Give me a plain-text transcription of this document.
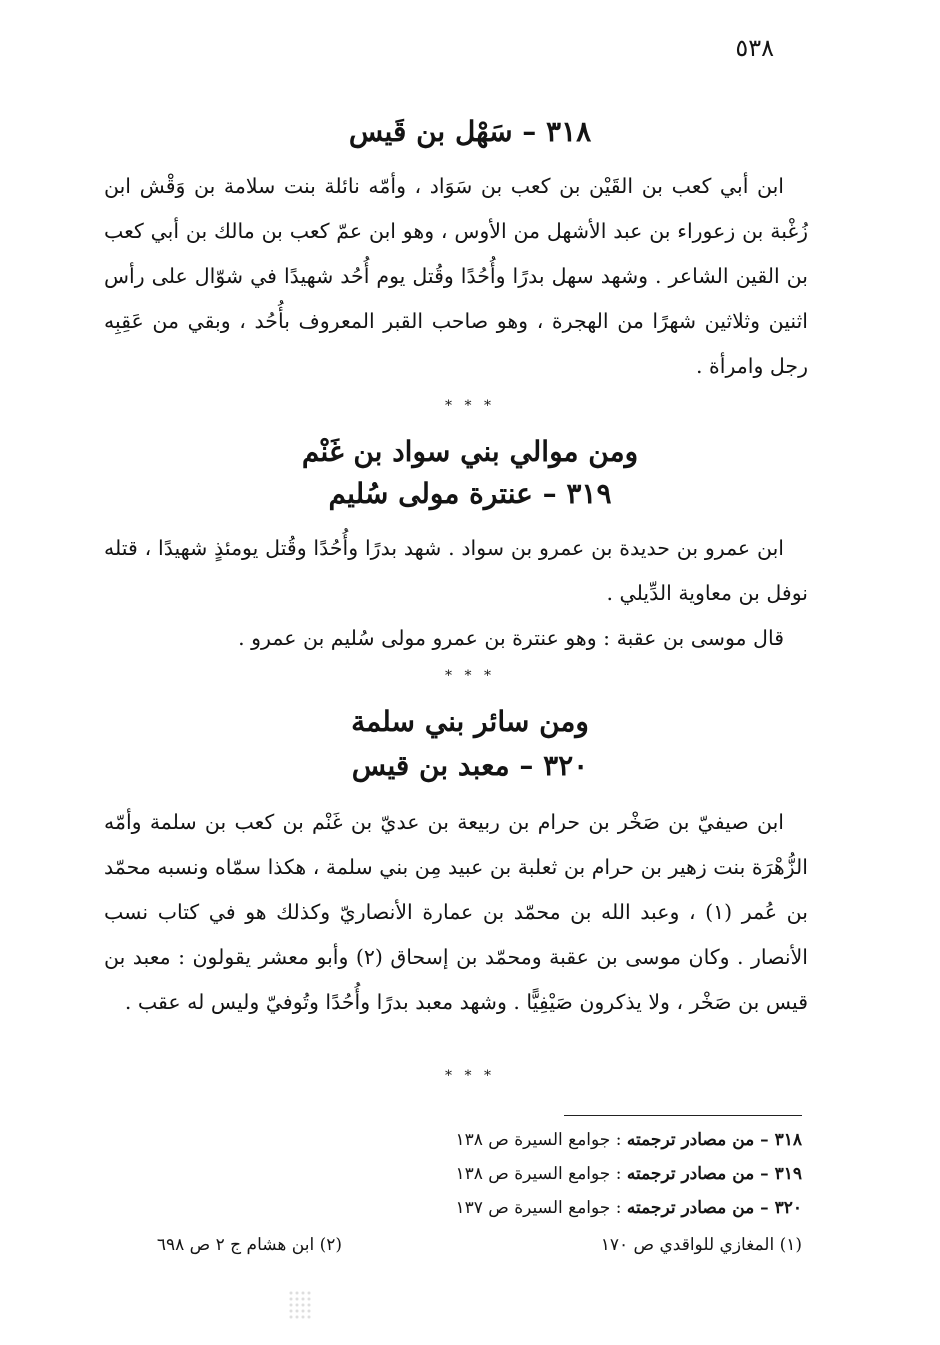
٥٣٨
٣١٨ – سَهْل بن قَيس
ابن أبي كعب بن القَيْن بن كعب بن سَوَاد ، وأمّه نائلة بنت سلامة بن وَقْش ابن زُغْبة بن زعوراء بن عبد الأشهل من الأوس ، وهو ابن عمّ كعب بن مالك بن أبي كعب بن القين الشاعر . وشهد سهل بدرًا وأُحُدًا وقُتل يوم أُحُد شهيدًا في شوّال على رأس اثنين وثلاثين شهرًا من الهجرة ، وهو صاحب القبر المعروف بأُحُد ، وبقي من عَقِبِه رجل وامرأة .
* * *
ومن موالي بني سواد بن غَنْم
٣١٩ – عنترة مولى سُليم
ابن عمرو بن حديدة بن عمرو بن سواد . شهد بدرًا وأُحُدًا وقُتل يومئذٍ شهيدًا ، قتله نوفل بن معاوية الدِّيلي .
قال موسى بن عقبة : وهو عنترة بن عمرو مولى سُليم بن عمرو .
* * *
ومن سائر بني سلمة
٣٢٠ – معبد بن قيس
ابن صيفيّ بن صَخْر بن حرام بن ربيعة بن عديّ بن غَنْم بن كعب بن سلمة وأمّه الزُّهْرَة بنت زهير بن حرام بن ثعلبة بن عبيد مِن بني سلمة ، هكذا سمّاه ونسبه محمّد بن عُمر (١) ، وعبد الله بن محمّد بن عمارة الأنصاريّ وكذلك هو في كتاب نسب الأنصار . وكان موسى بن عقبة ومحمّد بن إسحاق (٢) وأبو معشر يقولون : معبد بن قيس بن صَخْر ، ولا يذكرون صَيْفِيًّا . وشهد معبد بدرًا وأُحُدًا وتُوفيّ وليس له عقب .
* * *
٣١٨ – من مصادر ترجمته : جوامع السيرة ص ١٣٨
٣١٩ – من مصادر ترجمته : جوامع السيرة ص ١٣٨
٣٢٠ – من مصادر ترجمته : جوامع السيرة ص ١٣٧
(١) المغازي للواقدي ص ١٧٠
(٢) ابن هشام ج ٢ ص ٦٩٨
